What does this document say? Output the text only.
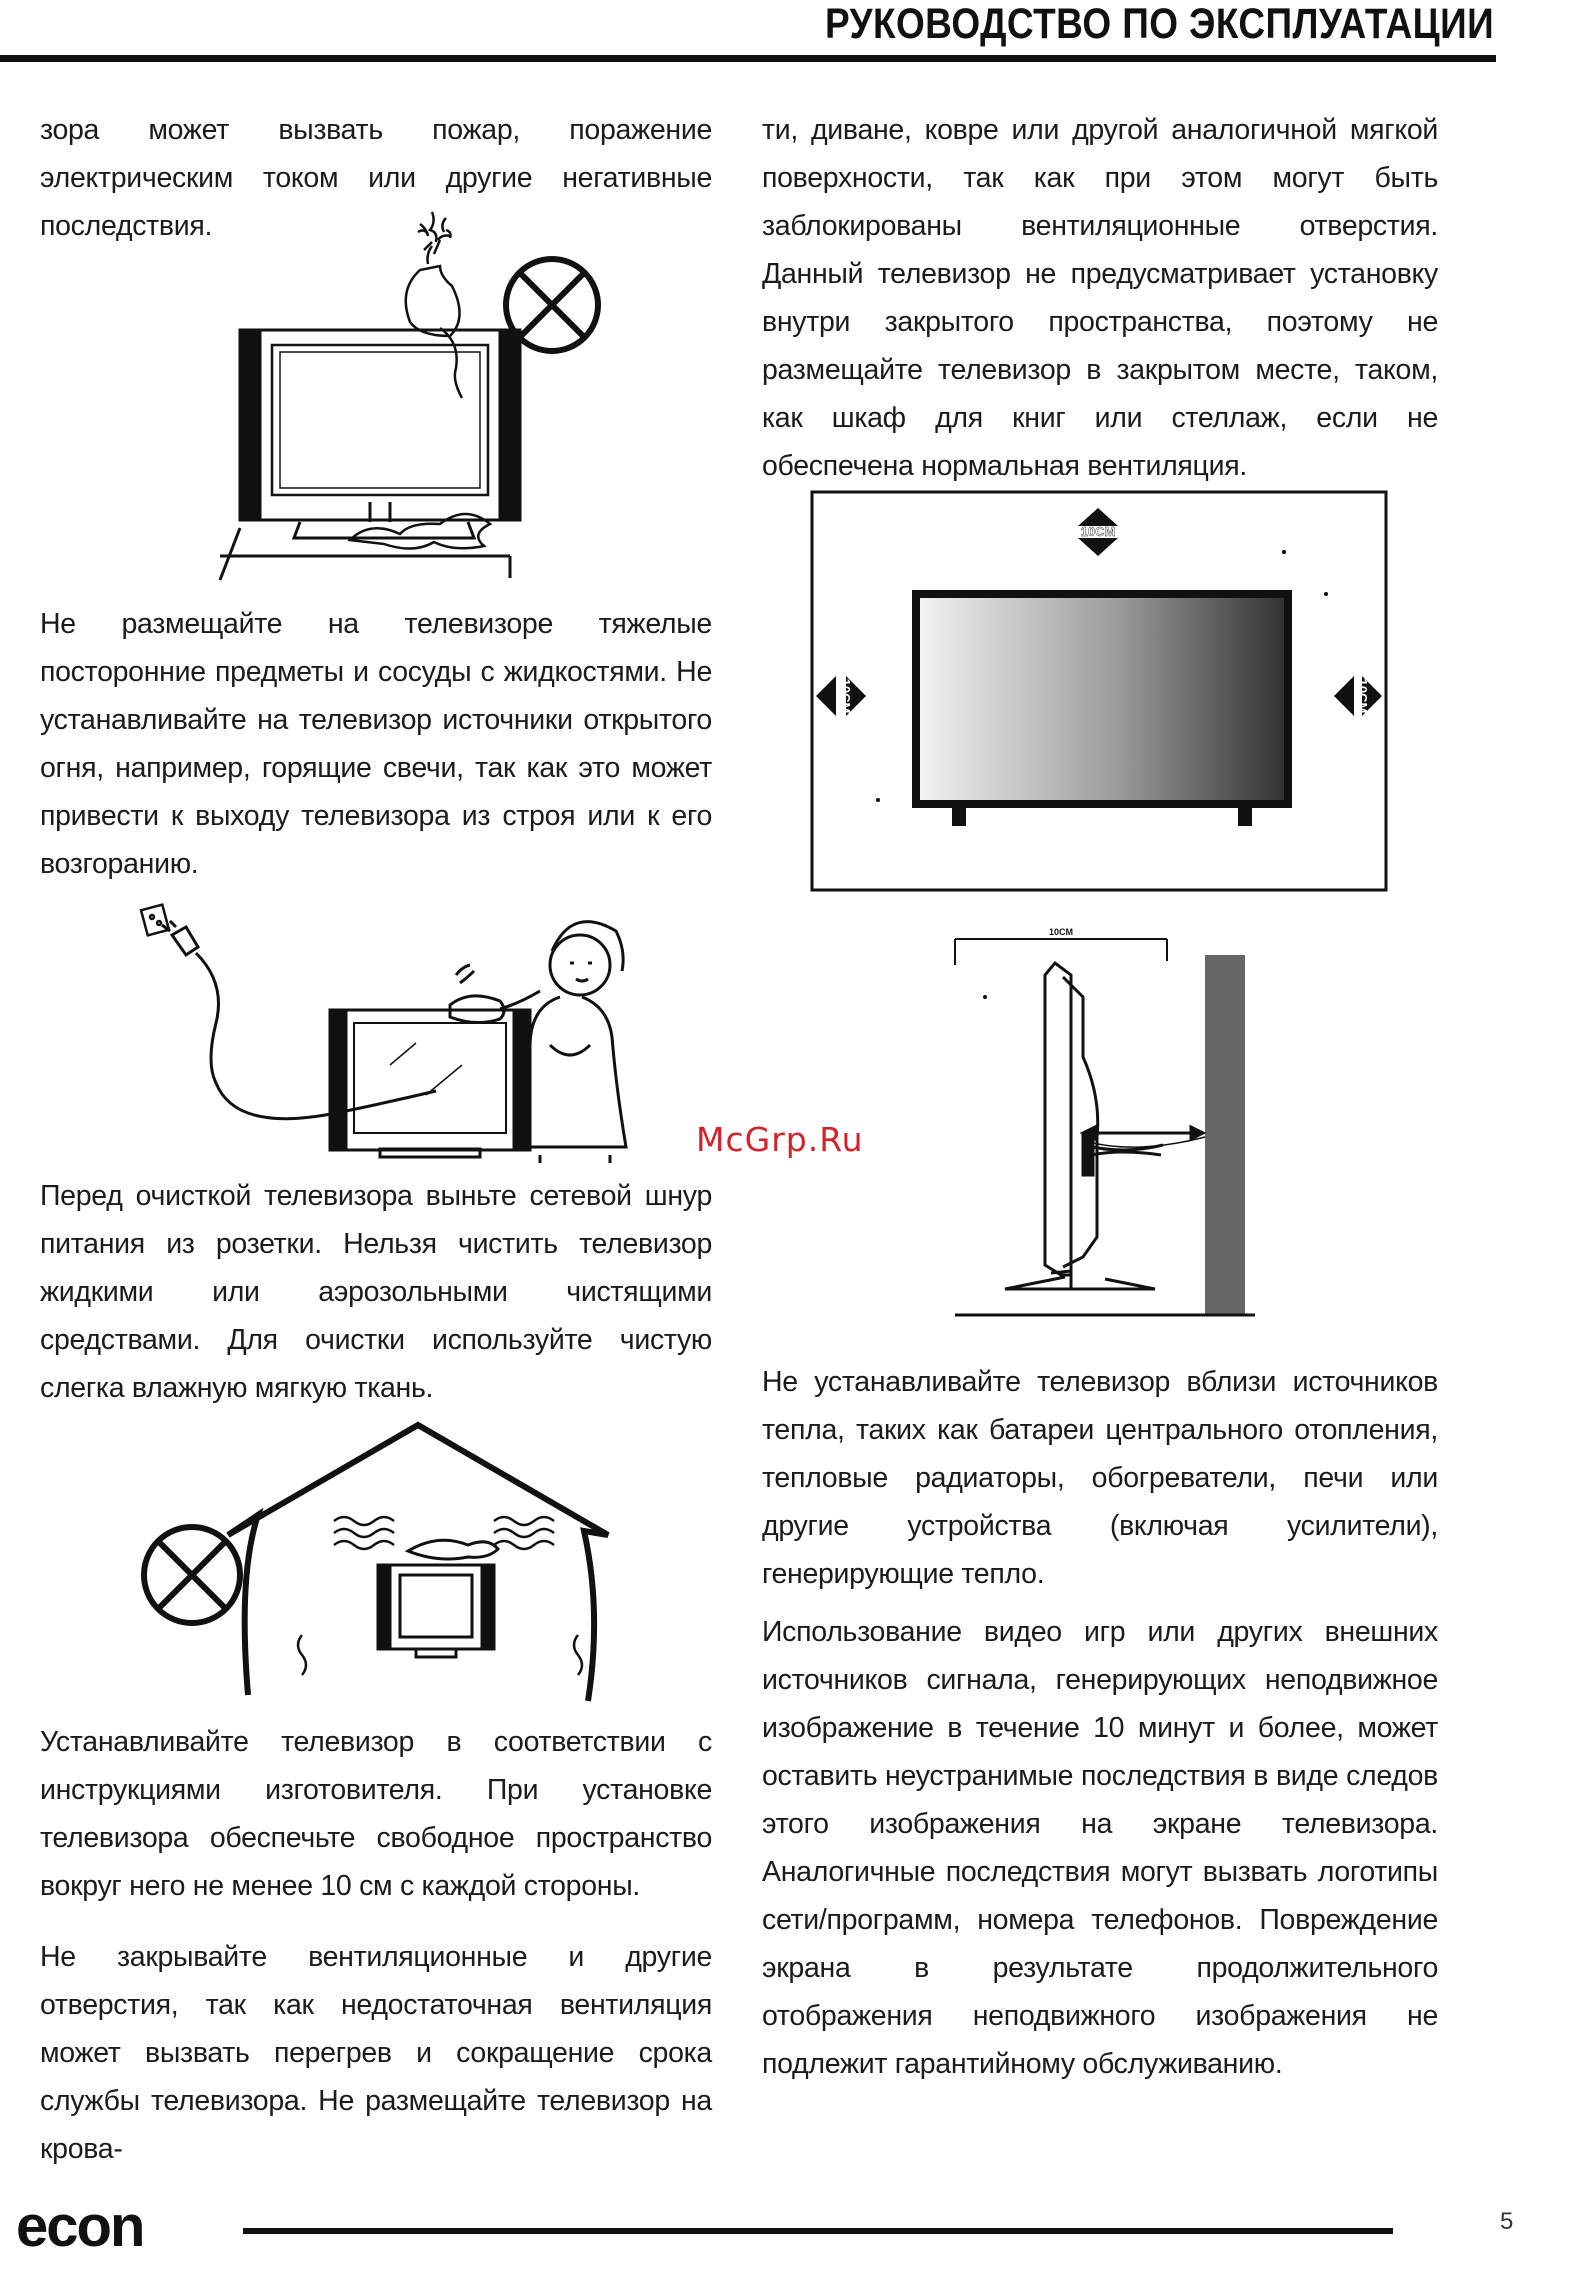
РУКОВОДСТВО ПО ЭКСПЛУАТАЦИИ

зора может вызвать пожар, поражение электрическим током или другие негативные последствия.

Не размещайте на телевизоре тяжелые посторонние предметы и сосуды с жидкостями. Не устанавливайте на телевизор источники открытого огня, например, горящие свечи, так как это может привести к выходу телевизора из строя или к его возгоранию.

McGrp.Ru

Перед очисткой телевизора выньте сетевой шнур питания из розетки. Нельзя чистить телевизор жидкими или аэрозольными чистящими средствами. Для очистки используйте чистую слегка влажную мягкую ткань.

Устанавливайте телевизор в соответствии с инструкциями изготовителя. При установке телевизора обеспечьте свободное пространство вокруг него не менее 10 см с каждой стороны.

Не закрывайте вентиляционные и другие отверстия, так как недостаточная вентиляция может вызвать перегрев и сокращение срока службы телевизора. Не размещайте телевизор на крова-

ти, диване, ковре или другой аналогичной мягкой поверхности, так как при этом могут быть заблокированы вентиляционные отверстия. Данный телевизор не предусматривает установку внутри закрытого пространства, поэтому не размещайте телевизор в закрытом месте, таком, как шкаф для книг или стеллаж, если не обеспечена нормальная вентиляция.

10CM
10CM	10CM
10CM

Не устанавливайте телевизор вблизи источников тепла, таких как батареи центрального отопления, тепловые радиаторы, обогреватели, печи или другие устройства (включая усилители), генерирующие тепло.

Использование видео игр или других внешних источников сигнала, генерирующих неподвижное изображение в течение 10 минут и более, может оставить неустранимые последствия в виде следов этого изображения на экране телевизора. Аналогичные последствия могут вызвать логотипы сети/программ, номера телефонов. Повреждение экрана в результате продолжительного отображения неподвижного изображения не подлежит гарантийному обслуживанию.

econ	5
